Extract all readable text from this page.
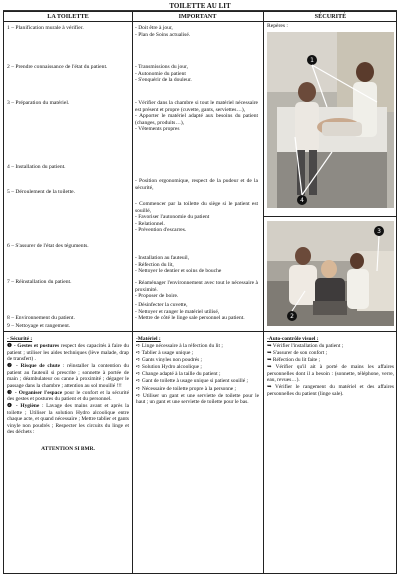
TOILETTE AU LIT
LA TOILETTE	IMPORTANT	SÉCURITÉ
1 – Planification murale à vérifier.
2 – Prendre connaissance de l'état du patient.
3 – Préparation du matériel.
4 – Installation du patient.
5 – Déroulement de la toilette.
6 – S'assurer de l'état des téguments.
7 – Réinstallation du patient.
8 – Environnement du patient.
9 – Nettoyage et rangement.

- Doit être à jour,

- Plan de Soins actualisé.

- Transmissions du jour,

- Autonomie du patient

- S'enquérir de la douleur.

- Vérifier dans la chambre si tout le matériel nécessaire est présent et propre (cuvette, gants, serviettes…),

- Apporter le matériel adapté aux besoins du patient (changes, produits…),

- Vêtements propres

- Position ergonomique, respect de la pudeur et de la sécurité,

- Commencer par la toilette du siège si le patient est souillé,

- Favoriser l'autonomie du patient

- Relationnel.

- Prévention d'escarres.

- Installation au fauteuil,

- Réfection du lit,

- Nettoyer le dentier et soins de bouche

- Réaménager l'environnement avec tout le nécessaire à proximité.

- Proposer de boire.

- Désinfecter la cuvette,

- Nettoyer et ranger le matériel utilisé,

- Mettre de côté le linge sale personnel au patient.

Repères :
1
4
3
2

- Sécurité :

❶ - Gestes et postures respect des capacités à faire du patient ; utiliser les aides techniques (lève malade, drap de transfert) .

❷ - Risque de chute : réinstaller la contention du patient au fauteuil si prescrite ; sonnette à portée de main ; déambulateur ou canne à proximité ; dégager le passage dans la chambre ; attention au sol mouillé !!!

❸ - Organiser l'espace pour le confort et la sécurité des gestes et postures du patient et du personnel.

❹ - Hygiène : Lavage des mains avant et après la toilette ; Utiliser la solution Hydro alcoolique entre chaque acte, et quand nécessaire ; Mettre tablier et gants vinyle non poudrés ; Respecter les circuits du linge et des déchets :

ATTENTION SI BMR.

-Matériel :

➪ Linge nécessaire à la réfection du lit ;

➪ Tablier à usage unique ;

➪ Gants vinyles non poudrés ;

➪ Solution Hydro alcoolique ;

➪ Change adapté à la taille du patient ;

➪ Gant de toilette à usage unique si patient souillé ;

➪ Nécessaire de toilette propre à la personne ;

➪ Utiliser un gant et une serviette de toilette pour le haut ; un gant et une serviette de toilette pour le bas.

-Auto-contrôle visuel :

➥ Vérifier l'installation du patient ;

➥ S'assurer de son confort ;

➥ Réfection du lit faite ;

➥ Vérifier qu'il ait à porté de mains les affaires personnelles dont il a besoin : (sonnette, téléphone, verre, eau, revues…).

➥ Vérifier le rangement du matériel et des affaires personnelles du patient (linge sale).
